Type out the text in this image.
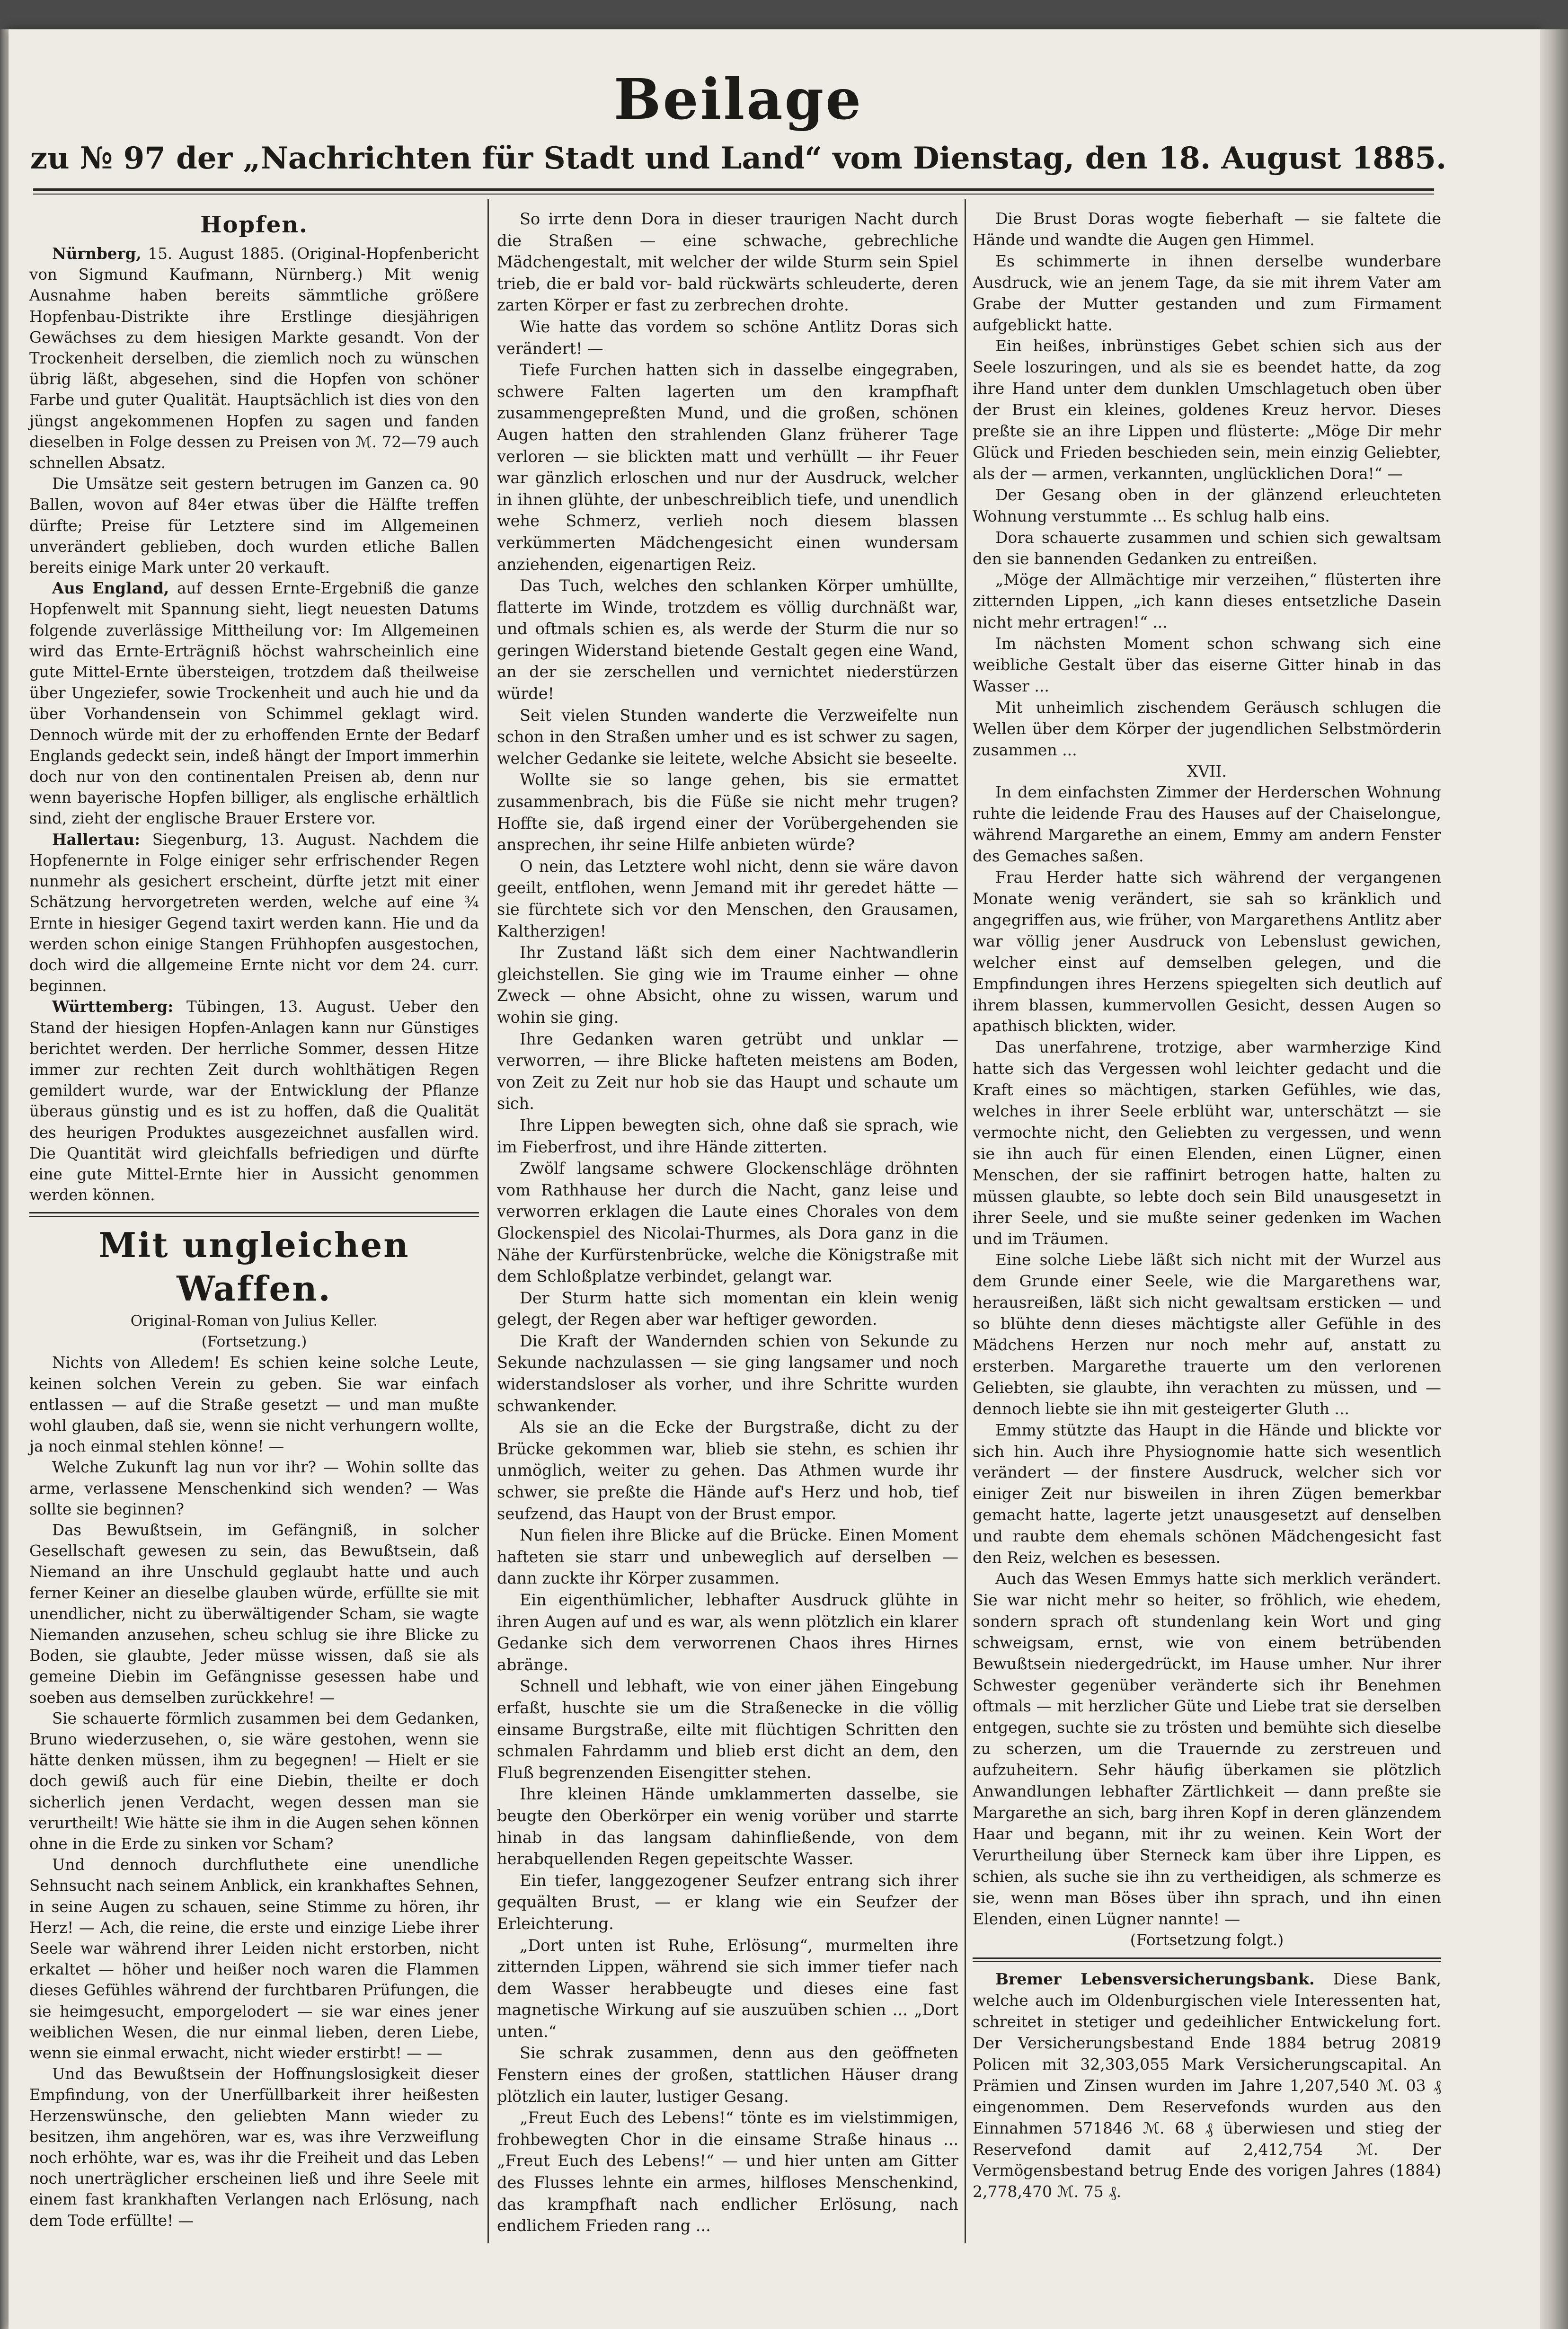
Beilage
zu № 97 der „Nachrichten für Stadt und Land“ vom Dienstag, den 18. August 1885.
Hopfen.

Nürnberg, 15. August 1885. (Original-Hopfenbericht von Sigmund Kaufmann, Nürnberg.) Mit wenig Ausnahme haben bereits sämmtliche größere Hopfenbau-Distrikte ihre Erstlinge diesjährigen Gewächses zu dem hiesigen Markte gesandt. Von der Trockenheit derselben, die ziemlich noch zu wünschen übrig läßt, abgesehen, sind die Hopfen von schöner Farbe und guter Qualität. Hauptsächlich ist dies von den jüngst angekommenen Hopfen zu sagen und fanden dieselben in Folge dessen zu Preisen von ℳ. 72—79 auch schnellen Absatz.

Die Umsätze seit gestern betrugen im Ganzen ca. 90 Ballen, wovon auf 84er etwas über die Hälfte treffen dürfte; Preise für Letztere sind im Allgemeinen unverändert geblieben, doch wurden etliche Ballen bereits einige Mark unter 20 verkauft.

Aus England, auf dessen Ernte-Ergebniß die ganze Hopfenwelt mit Spannung sieht, liegt neuesten Datums folgende zuverlässige Mittheilung vor: Im Allgemeinen wird das Ernte-Erträgniß höchst wahrscheinlich eine gute Mittel-Ernte übersteigen, trotzdem daß theilweise über Ungeziefer, sowie Trockenheit und auch hie und da über Vorhandensein von Schimmel geklagt wird. Dennoch würde mit der zu erhoffenden Ernte der Bedarf Englands gedeckt sein, indeß hängt der Import immerhin doch nur von den continentalen Preisen ab, denn nur wenn bayerische Hopfen billiger, als englische erhältlich sind, zieht der englische Brauer Erstere vor.

Hallertau: Siegenburg, 13. August. Nachdem die Hopfenernte in Folge einiger sehr erfrischender Regen nunmehr als gesichert erscheint, dürfte jetzt mit einer Schätzung hervorgetreten werden, welche auf eine ¾ Ernte in hiesiger Gegend taxirt werden kann. Hie und da werden schon einige Stangen Frühhopfen ausgestochen, doch wird die allgemeine Ernte nicht vor dem 24. curr. beginnen.

Württemberg: Tübingen, 13. August. Ueber den Stand der hiesigen Hopfen-Anlagen kann nur Günstiges berichtet werden. Der herrliche Sommer, dessen Hitze immer zur rechten Zeit durch wohlthätigen Regen gemildert wurde, war der Entwicklung der Pflanze überaus günstig und es ist zu hoffen, daß die Qualität des heurigen Produktes ausgezeichnet ausfallen wird. Die Quantität wird gleichfalls befriedigen und dürfte eine gute Mittel-Ernte hier in Aussicht genommen werden können.

Mit ungleichen Waffen.
Original-Roman von Julius Keller.
(Fortsetzung.)

Nichts von Alledem! Es schien keine solche Leute, keinen solchen Verein zu geben. Sie war einfach entlassen — auf die Straße gesetzt — und man mußte wohl glauben, daß sie, wenn sie nicht verhungern wollte, ja noch einmal stehlen könne! —

Welche Zukunft lag nun vor ihr? — Wohin sollte das arme, verlassene Menschenkind sich wenden? — Was sollte sie beginnen?

Das Bewußtsein, im Gefängniß, in solcher Gesellschaft gewesen zu sein, das Bewußtsein, daß Niemand an ihre Unschuld geglaubt hatte und auch ferner Keiner an dieselbe glauben würde, erfüllte sie mit unendlicher, nicht zu überwältigender Scham, sie wagte Niemanden anzusehen, scheu schlug sie ihre Blicke zu Boden, sie glaubte, Jeder müsse wissen, daß sie als gemeine Diebin im Gefängnisse gesessen habe und soeben aus demselben zurückkehre! —

Sie schauerte förmlich zusammen bei dem Gedanken, Bruno wiederzusehen, o, sie wäre gestohen, wenn sie hätte denken müssen, ihm zu begegnen! — Hielt er sie doch gewiß auch für eine Diebin, theilte er doch sicherlich jenen Verdacht, wegen dessen man sie verurtheilt! Wie hätte sie ihm in die Augen sehen können ohne in die Erde zu sinken vor Scham?

Und dennoch durchfluthete eine unendliche Sehnsucht nach seinem Anblick, ein krankhaftes Sehnen, in seine Augen zu schauen, seine Stimme zu hören, ihr Herz! — Ach, die reine, die erste und einzige Liebe ihrer Seele war während ihrer Leiden nicht erstorben, nicht erkaltet — höher und heißer noch waren die Flammen dieses Gefühles während der furchtbaren Prüfungen, die sie heimgesucht, emporgelodert — sie war eines jener weiblichen Wesen, die nur einmal lieben, deren Liebe, wenn sie einmal erwacht, nicht wieder erstirbt! — —

Und das Bewußtsein der Hoffnungslosigkeit dieser Empfindung, von der Unerfüllbarkeit ihrer heißesten Herzenswünsche, den geliebten Mann wieder zu besitzen, ihm angehören, war es, was ihre Verzweiflung noch erhöhte, war es, was ihr die Freiheit und das Leben noch unerträglicher erscheinen ließ und ihre Seele mit einem fast krankhaften Verlangen nach Erlösung, nach dem Tode erfüllte! —

So irrte denn Dora in dieser traurigen Nacht durch die Straßen — eine schwache, gebrechliche Mädchengestalt, mit welcher der wilde Sturm sein Spiel trieb, die er bald vor- bald rückwärts schleuderte, deren zarten Körper er fast zu zerbrechen drohte.

Wie hatte das vordem so schöne Antlitz Doras sich verändert! —

Tiefe Furchen hatten sich in dasselbe eingegraben, schwere Falten lagerten um den krampfhaft zusammengepreßten Mund, und die großen, schönen Augen hatten den strahlenden Glanz früherer Tage verloren — sie blickten matt und verhüllt — ihr Feuer war gänzlich erloschen und nur der Ausdruck, welcher in ihnen glühte, der unbeschreiblich tiefe, und unendlich wehe Schmerz, verlieh noch diesem blassen verkümmerten Mädchengesicht einen wundersam anziehenden, eigenartigen Reiz.

Das Tuch, welches den schlanken Körper umhüllte, flatterte im Winde, trotzdem es völlig durchnäßt war, und oftmals schien es, als werde der Sturm die nur so geringen Widerstand bietende Gestalt gegen eine Wand, an der sie zerschellen und vernichtet niederstürzen würde!

Seit vielen Stunden wanderte die Verzweifelte nun schon in den Straßen umher und es ist schwer zu sagen, welcher Gedanke sie leitete, welche Absicht sie beseelte.

Wollte sie so lange gehen, bis sie ermattet zusammenbrach, bis die Füße sie nicht mehr trugen? Hoffte sie, daß irgend einer der Vorübergehenden sie ansprechen, ihr seine Hilfe anbieten würde?

O nein, das Letztere wohl nicht, denn sie wäre davon geeilt, entflohen, wenn Jemand mit ihr geredet hätte — sie fürchtete sich vor den Menschen, den Grausamen, Kaltherzigen!

Ihr Zustand läßt sich dem einer Nachtwandlerin gleichstellen. Sie ging wie im Traume einher — ohne Zweck — ohne Absicht, ohne zu wissen, warum und wohin sie ging.

Ihre Gedanken waren getrübt und unklar — verworren, — ihre Blicke hafteten meistens am Boden, von Zeit zu Zeit nur hob sie das Haupt und schaute um sich.

Ihre Lippen bewegten sich, ohne daß sie sprach, wie im Fieberfrost, und ihre Hände zitterten.

Zwölf langsame schwere Glockenschläge dröhnten vom Rathhause her durch die Nacht, ganz leise und verworren erklagen die Laute eines Chorales von dem Glockenspiel des Nicolai-Thurmes, als Dora ganz in die Nähe der Kurfürstenbrücke, welche die Königstraße mit dem Schloßplatze verbindet, gelangt war.

Der Sturm hatte sich momentan ein klein wenig gelegt, der Regen aber war heftiger geworden.

Die Kraft der Wandernden schien von Sekunde zu Sekunde nachzulassen — sie ging langsamer und noch widerstandsloser als vorher, und ihre Schritte wurden schwankender.

Als sie an die Ecke der Burgstraße, dicht zu der Brücke gekommen war, blieb sie stehn, es schien ihr unmöglich, weiter zu gehen. Das Athmen wurde ihr schwer, sie preßte die Hände auf's Herz und hob, tief seufzend, das Haupt von der Brust empor.

Nun fielen ihre Blicke auf die Brücke. Einen Moment hafteten sie starr und unbeweglich auf derselben — dann zuckte ihr Körper zusammen.

Ein eigenthümlicher, lebhafter Ausdruck glühte in ihren Augen auf und es war, als wenn plötzlich ein klarer Gedanke sich dem verworrenen Chaos ihres Hirnes abränge.

Schnell und lebhaft, wie von einer jähen Eingebung erfaßt, huschte sie um die Straßenecke in die völlig einsame Burgstraße, eilte mit flüchtigen Schritten den schmalen Fahrdamm und blieb erst dicht an dem, den Fluß begrenzenden Eisengitter stehen.

Ihre kleinen Hände umklammerten dasselbe, sie beugte den Oberkörper ein wenig vorüber und starrte hinab in das langsam dahinfließende, von dem herabquellenden Regen gepeitschte Wasser.

Ein tiefer, langgezogener Seufzer entrang sich ihrer gequälten Brust, — er klang wie ein Seufzer der Erleichterung.

„Dort unten ist Ruhe, Erlösung“, murmelten ihre zitternden Lippen, während sie sich immer tiefer nach dem Wasser herabbeugte und dieses eine fast magnetische Wirkung auf sie auszuüben schien ... „Dort unten.“

Sie schrak zusammen, denn aus den geöffneten Fenstern eines der großen, stattlichen Häuser drang plötzlich ein lauter, lustiger Gesang.

„Freut Euch des Lebens!“ tönte es im vielstimmigen, frohbewegten Chor in die einsame Straße hinaus ... „Freut Euch des Lebens!“ — und hier unten am Gitter des Flusses lehnte ein armes, hilfloses Menschenkind, das krampfhaft nach endlicher Erlösung, nach endlichem Frieden rang ...

Die Brust Doras wogte fieberhaft — sie faltete die Hände und wandte die Augen gen Himmel.

Es schimmerte in ihnen derselbe wunderbare Ausdruck, wie an jenem Tage, da sie mit ihrem Vater am Grabe der Mutter gestanden und zum Firmament aufgeblickt hatte.

Ein heißes, inbrünstiges Gebet schien sich aus der Seele loszuringen, und als sie es beendet hatte, da zog ihre Hand unter dem dunklen Umschlagetuch oben über der Brust ein kleines, goldenes Kreuz hervor. Dieses preßte sie an ihre Lippen und flüsterte: „Möge Dir mehr Glück und Frieden beschieden sein, mein einzig Geliebter, als der — armen, verkannten, unglücklichen Dora!“ —

Der Gesang oben in der glänzend erleuchteten Wohnung verstummte ... Es schlug halb eins.

Dora schauerte zusammen und schien sich gewaltsam den sie bannenden Gedanken zu entreißen.

„Möge der Allmächtige mir verzeihen,“ flüsterten ihre zitternden Lippen, „ich kann dieses entsetzliche Dasein nicht mehr ertragen!“ ...

Im nächsten Moment schon schwang sich eine weibliche Gestalt über das eiserne Gitter hinab in das Wasser ...

Mit unheimlich zischendem Geräusch schlugen die Wellen über dem Körper der jugendlichen Selbstmörderin zusammen ...

XVII.

In dem einfachsten Zimmer der Herderschen Wohnung ruhte die leidende Frau des Hauses auf der Chaiselongue, während Margarethe an einem, Emmy am andern Fenster des Gemaches saßen.

Frau Herder hatte sich während der vergangenen Monate wenig verändert, sie sah so kränklich und angegriffen aus, wie früher, von Margarethens Antlitz aber war völlig jener Ausdruck von Lebenslust gewichen, welcher einst auf demselben gelegen, und die Empfindungen ihres Herzens spiegelten sich deutlich auf ihrem blassen, kummervollen Gesicht, dessen Augen so apathisch blickten, wider.

Das unerfahrene, trotzige, aber warmherzige Kind hatte sich das Vergessen wohl leichter gedacht und die Kraft eines so mächtigen, starken Gefühles, wie das, welches in ihrer Seele erblüht war, unterschätzt — sie vermochte nicht, den Geliebten zu vergessen, und wenn sie ihn auch für einen Elenden, einen Lügner, einen Menschen, der sie raffinirt betrogen hatte, halten zu müssen glaubte, so lebte doch sein Bild unausgesetzt in ihrer Seele, und sie mußte seiner gedenken im Wachen und im Träumen.

Eine solche Liebe läßt sich nicht mit der Wurzel aus dem Grunde einer Seele, wie die Margarethens war, herausreißen, läßt sich nicht gewaltsam ersticken — und so blühte denn dieses mächtigste aller Gefühle in des Mädchens Herzen nur noch mehr auf, anstatt zu ersterben. Margarethe trauerte um den verlorenen Geliebten, sie glaubte, ihn verachten zu müssen, und — dennoch liebte sie ihn mit gesteigerter Gluth ...

Emmy stützte das Haupt in die Hände und blickte vor sich hin. Auch ihre Physiognomie hatte sich wesentlich verändert — der finstere Ausdruck, welcher sich vor einiger Zeit nur bisweilen in ihren Zügen bemerkbar gemacht hatte, lagerte jetzt unausgesetzt auf denselben und raubte dem ehemals schönen Mädchengesicht fast den Reiz, welchen es besessen.

Auch das Wesen Emmys hatte sich merklich verändert. Sie war nicht mehr so heiter, so fröhlich, wie ehedem, sondern sprach oft stundenlang kein Wort und ging schweigsam, ernst, wie von einem betrübenden Bewußtsein niedergedrückt, im Hause umher. Nur ihrer Schwester gegenüber veränderte sich ihr Benehmen oftmals — mit herzlicher Güte und Liebe trat sie derselben entgegen, suchte sie zu trösten und bemühte sich dieselbe zu scherzen, um die Trauernde zu zerstreuen und aufzuheitern. Sehr häufig überkamen sie plötzlich Anwandlungen lebhafter Zärtlichkeit — dann preßte sie Margarethe an sich, barg ihren Kopf in deren glänzendem Haar und begann, mit ihr zu weinen. Kein Wort der Verurtheilung über Sterneck kam über ihre Lippen, es schien, als suche sie ihn zu vertheidigen, als schmerze es sie, wenn man Böses über ihn sprach, und ihn einen Elenden, einen Lügner nannte! —

(Fortsetzung folgt.)

Bremer Lebensversicherungsbank. Diese Bank, welche auch im Oldenburgischen viele Interessenten hat, schreitet in stetiger und gedeihlicher Entwickelung fort. Der Versicherungsbestand Ende 1884 betrug 20819 Policen mit 32,303,055 Mark Versicherungscapital. An Prämien und Zinsen wurden im Jahre 1,207,540 ℳ. 03 ₰ eingenommen. Dem Reservefonds wurden aus den Einnahmen 571846 ℳ. 68 ₰ überwiesen und stieg der Reservefond damit auf 2,412,754 ℳ. Der Vermögensbestand betrug Ende des vorigen Jahres (1884) 2,778,470 ℳ. 75 ₰.
